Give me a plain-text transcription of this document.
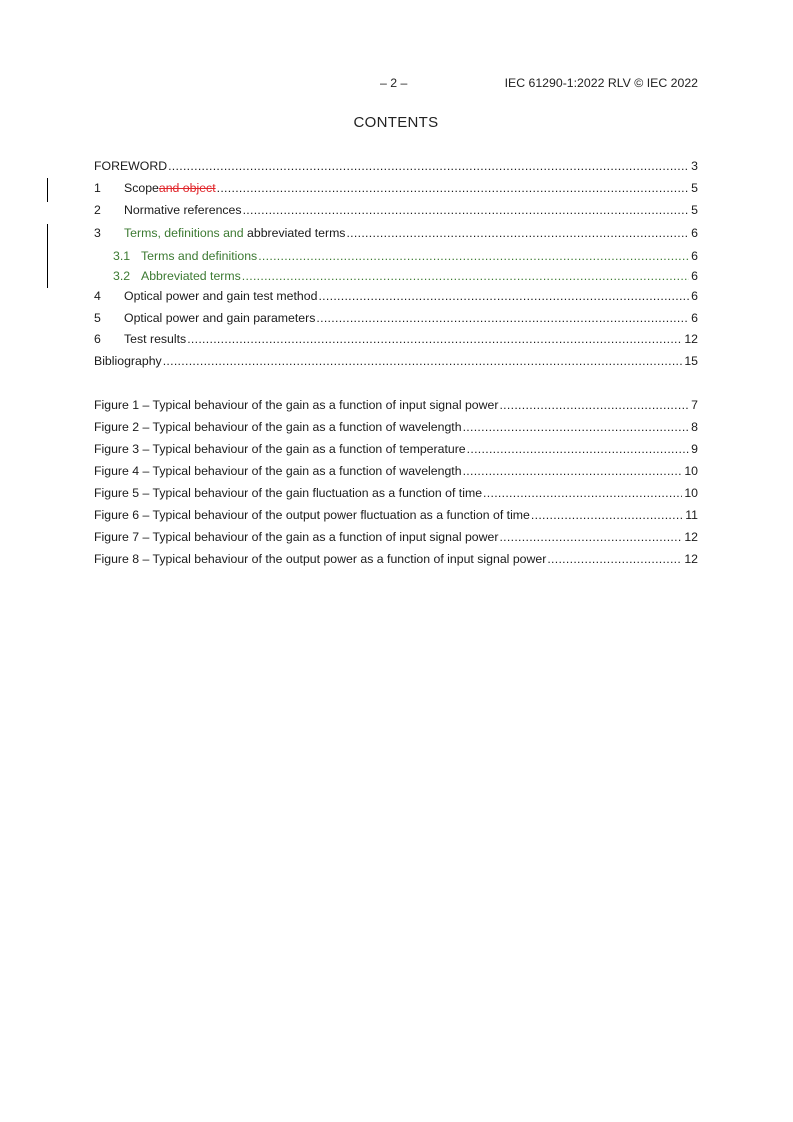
– 2 –	IEC 61290-1:2022 RLV © IEC 2022
CONTENTS
FOREWORD .....	3
1	Scope and object .....	5
2	Normative references .....	5
3	Terms, definitions and abbreviated terms .....	6
3.1 Terms and definitions .....	6
3.2 Abbreviated terms .....	6
4	Optical power and gain test method .....	6
5	Optical power and gain parameters .....	6
6	Test results .....	12
Bibliography .....	15
Figure 1 – Typical behaviour of the gain as a function of input signal power .....	7
Figure 2 – Typical behaviour of the gain as a function of wavelength .....	8
Figure 3 – Typical behaviour of the gain as a function of temperature .....	9
Figure 4 – Typical behaviour of the gain as a function of wavelength .....	10
Figure 5 – Typical behaviour of the gain fluctuation as a function of time .....	10
Figure 6 – Typical behaviour of the output power fluctuation as a function of time .....	11
Figure 7 – Typical behaviour of the gain as a function of input signal power .....	12
Figure 8 – Typical behaviour of the output power as a function of input signal power .....	12
